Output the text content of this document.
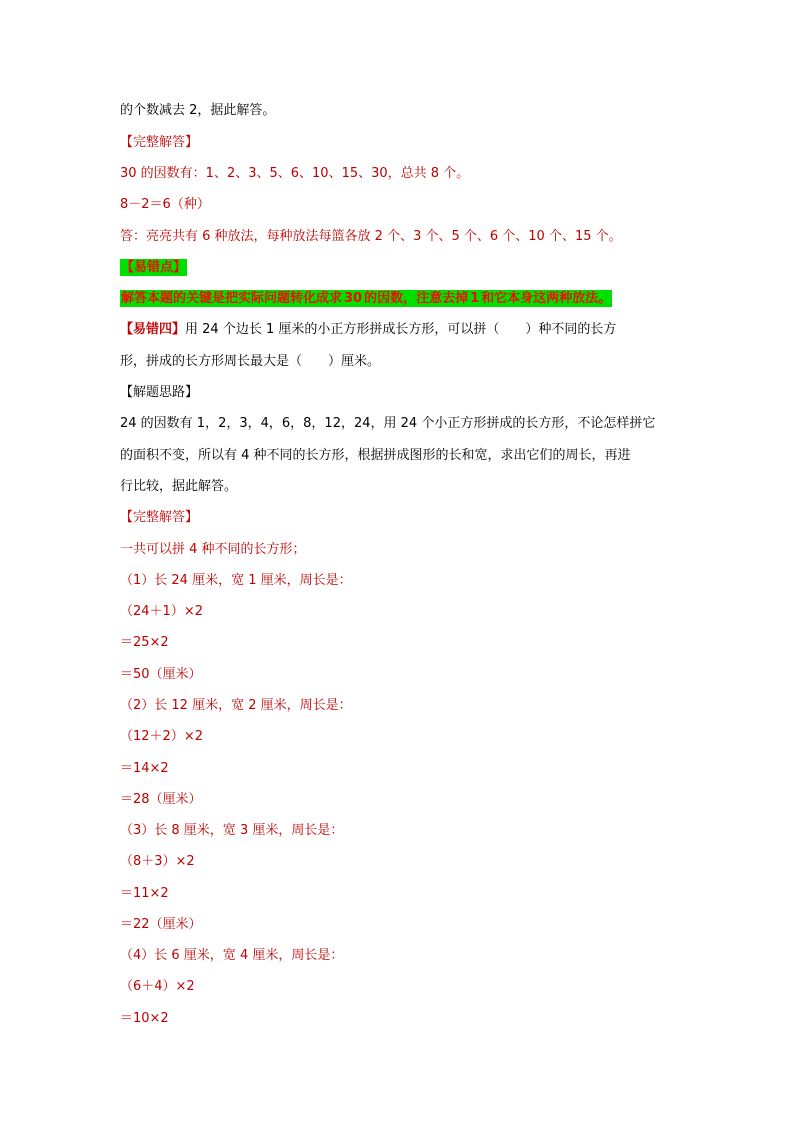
的个数减去 2，据此解答。
【完整解答】
30 的因数有：1、2、3、5、6、10、15、30，总共 8 个。
8－2＝6（种）
答：亮亮共有 6 种放法，每种放法每篮各放 2 个、3 个、5 个、6 个、10 个、15 个。
【易错点】
解答本题的关键是把实际问题转化成求 30 的因数，注意去掉 1 和它本身这两种放法。
【易错四】用 24 个边长 1 厘米的小正方形拼成长方形，可以拼（　　）种不同的长方
形，拼成的长方形周长最大是（　　）厘米。
【解题思路】
24 的因数有 1，2，3，4，6，8，12，24，用 24 个小正方形拼成的长方形，不论怎样拼它
的面积不变，所以有 4 种不同的长方形，根据拼成图形的长和宽，求出它们的周长，再进
行比较，据此解答。
【完整解答】
一共可以拼 4 种不同的长方形；
（1）长 24 厘米，宽 1 厘米，周长是：
（24＋1）×2
＝25×2
＝50（厘米）
（2）长 12 厘米，宽 2 厘米，周长是：
（12＋2）×2
＝14×2
＝28（厘米）
（3）长 8 厘米，宽 3 厘米，周长是：
（8＋3）×2
＝11×2
＝22（厘米）
（4）长 6 厘米，宽 4 厘米，周长是：
（6＋4）×2
＝10×2
